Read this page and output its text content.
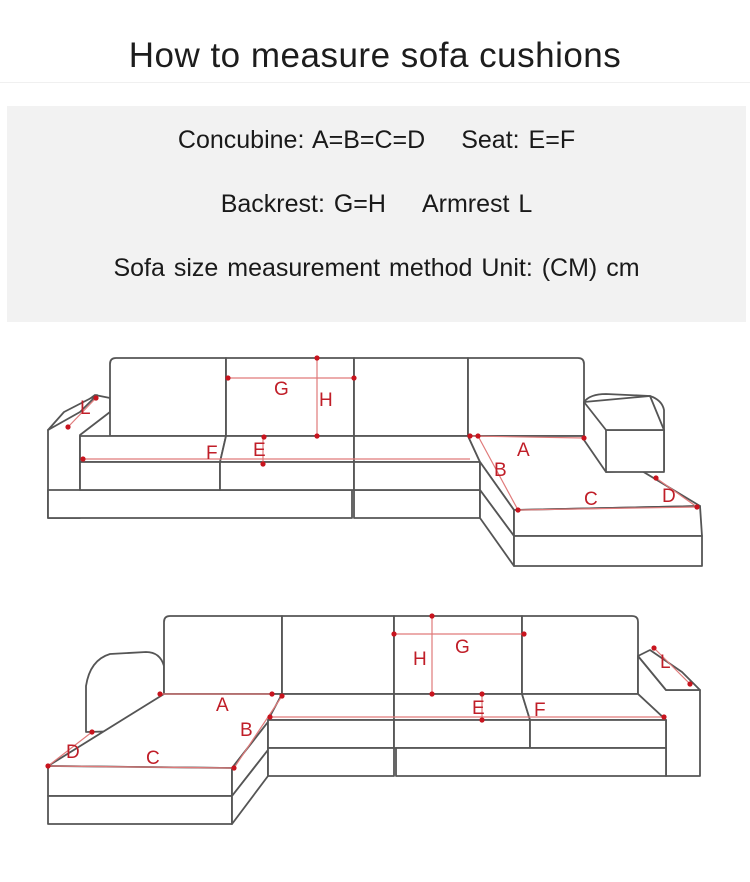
How to measure sofa cushions
Concubine: A=B=C=D Seat: E=F
Backrest: G=H Armrest L
Sofa size measurement method Unit: (CM) cm
F E
G
H
A
B
C	D
L
A
B
C
D
E	F
G
H	L
